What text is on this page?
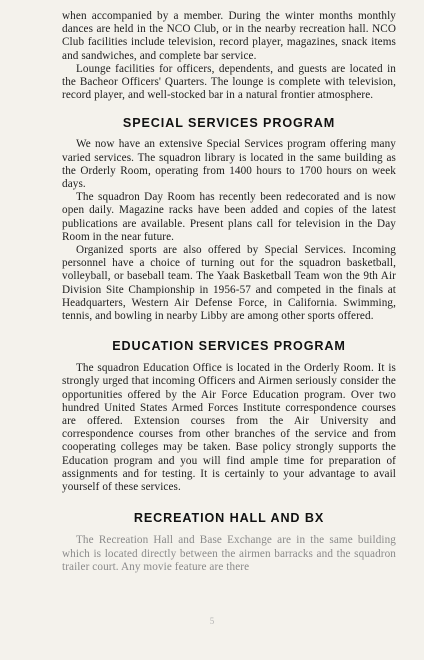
when accompanied by a member. During the winter months monthly dances are held in the NCO Club, or in the nearby recreation hall. NCO Club facilities include television, record player, magazines, snack items and sandwiches, and complete bar service.

Lounge facilities for officers, dependents, and guests are located in the Bacheor Officers' Quarters. The lounge is complete with television, record player, and well-stocked bar in a natural frontier atmosphere.

SPECIAL SERVICES PROGRAM

We now have an extensive Special Services program offering many varied services. The squadron library is located in the same building as the Orderly Room, operating from 1400 hours to 1700 hours on week days.

The squadron Day Room has recently been redecorated and is now open daily. Magazine racks have been added and copies of the latest publications are available. Present plans call for television in the Day Room in the near future.

Organized sports are also offered by Special Services. Incoming personnel have a choice of turning out for the squadron basketball, volleyball, or baseball team. The Yaak Basketball Team won the 9th Air Division Site Championship in 1956-57 and competed in the finals at Headquarters, Western Air Defense Force, in California. Swimming, tennis, and bowling in nearby Libby are among other sports offered.

EDUCATION SERVICES PROGRAM

The squadron Education Office is located in the Orderly Room. It is strongly urged that incoming Officers and Airmen seriously consider the opportunities offered by the Air Force Education program. Over two hundred United States Armed Forces Institute correspondence courses are offered. Extension courses from the Air University and correspondence courses from other branches of the service and from cooperating colleges may be taken. Base policy strongly supports the Education program and you will find ample time for preparation of assignments and for testing. It is certainly to your advantage to avail yourself of these services.

RECREATION HALL AND BX

The Recreation Hall and Base Exchange are in the same building which is located directly between the airmen barracks and the squadron trailer court. Any movie feature are there

5
